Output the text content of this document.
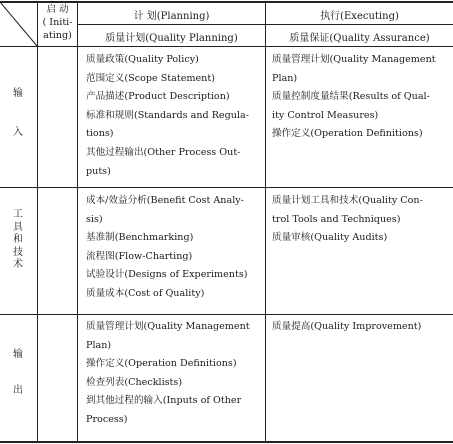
启 动
( Initi-
ating)
计 划(Planning)	执行(Executing)
质量计划(Quality Planning)	质量保证(Quality Assurance)
输
入
工
具
和
技
术
输
出
质量政策(Quality Policy)
范围定义(Scope Statement)
产品描述(Product Description)
标准和规则(Standards and Regula-
tions)
其他过程输出(Other Process Out-
puts)
质量管理计划(Quality Management
Plan)
质量控制度量结果(Results of Qual-
ity Control Measures)
操作定义(Operation Definitions)
成本/效益分析(Benefit Cost Analy-
sis)
基准制(Benchmarking)
流程图(Flow-Charting)
试验设计(Designs of Experiments)
质量成本(Cost of Quality)
质量计划工具和技术(Quality Con-
trol Tools and Techniques)
质量审核(Quality Audits)
质量管理计划(Quality Management
Plan)
操作定义(Operation Definitions)
检查列表(Checklists)
到其他过程的输入(Inputs of Other
Process)
质量提高(Quality Improvement)
